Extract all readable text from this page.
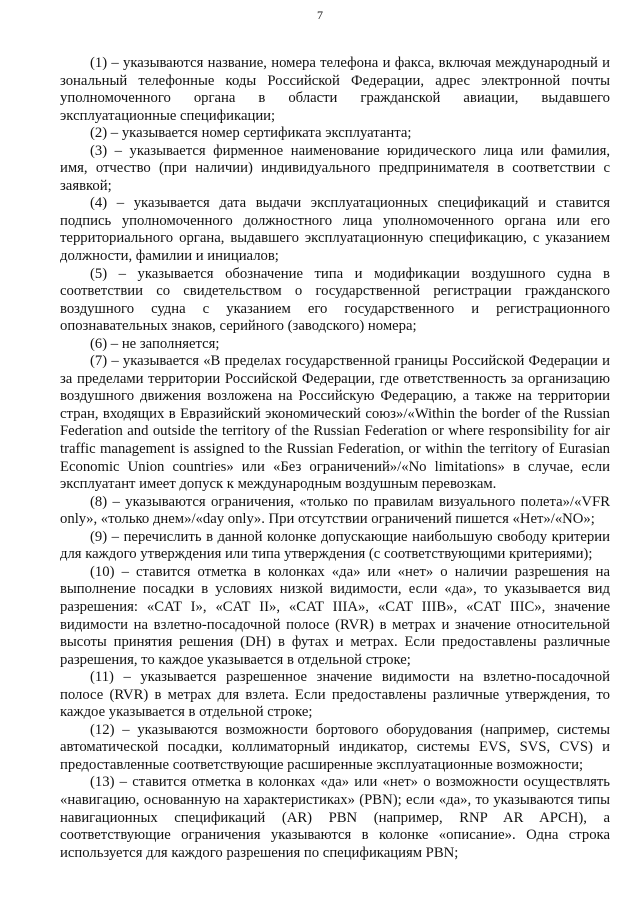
7

(1) – указываются название, номера телефона и факса, включая международный и зональный телефонные коды Российской Федерации, адрес электронной почты уполномоченного органа в области гражданской авиации, выдавшего эксплуатационные спецификации;

(2) – указывается номер сертификата эксплуатанта;

(3) – указывается фирменное наименование юридического лица или фамилия, имя, отчество (при наличии) индивидуального предпринимателя в соответствии с заявкой;

(4) – указывается дата выдачи эксплуатационных спецификаций и ставится подпись уполномоченного должностного лица уполномоченного органа или его территориального органа, выдавшего эксплуатационную спецификацию, с указанием должности, фамилии и инициалов;

(5) – указывается обозначение типа и модификации воздушного судна в соответствии со свидетельством о государственной регистрации гражданского воздушного судна с указанием его государственного и регистрационного опознавательных знаков, серийного (заводского) номера;

(6) – не заполняется;

(7) – указывается «В пределах государственной границы Российской Федерации и за пределами территории Российской Федерации, где ответственность за организацию воздушного движения возложена на Российскую Федерацию, а также на территории стран, входящих в Евразийский экономический союз»/«Within the border of the Russian Federation and outside the territory of the Russian Federation or where responsibility for air traffic management is assigned to the Russian Federation, or within the territory of Eurasian Economic Union countries» или «Без ограничений»/«No limitations» в случае, если эксплуатант имеет допуск к международным воздушным перевозкам.

(8) – указываются ограничения, «только по правилам визуального полета»/«VFR only», «только днем»/«day only». При отсутствии ограничений пишется «Нет»/«NO»;

(9) – перечислить в данной колонке допускающие наибольшую свободу критерии для каждого утверждения или типа утверждения (с соответствующими критериями);

(10) – ставится отметка в колонках «да» или «нет» о наличии разрешения на выполнение посадки в условиях низкой видимости, если «да», то указывается вид разрешения: «CAT I», «CAT II», «CAT IIIA», «CAT IIIB», «CAT IIIC», значение видимости на взлетно-посадочной полосе (RVR) в метрах и значение относительной высоты принятия решения (DH) в футах и метрах. Если предоставлены различные разрешения, то каждое указывается в отдельной строке;

(11) – указывается разрешенное значение видимости на взлетно-посадочной полосе (RVR) в метрах для взлета. Если предоставлены различные утверждения, то каждое указывается в отдельной строке;

(12) – указываются возможности бортового оборудования (например, системы автоматической посадки, коллиматорный индикатор, системы EVS, SVS, CVS) и предоставленные соответствующие расширенные эксплуатационные возможности;

(13) – ставится отметка в колонках «да» или «нет» о возможности осуществлять «навигацию, основанную на характеристиках» (PBN); если «да», то указываются типы навигационных спецификаций (AR) PBN (например, RNP AR APCH), а соответствующие ограничения указываются в колонке «описание». Одна строка используется для каждого разрешения по спецификациям PBN;
